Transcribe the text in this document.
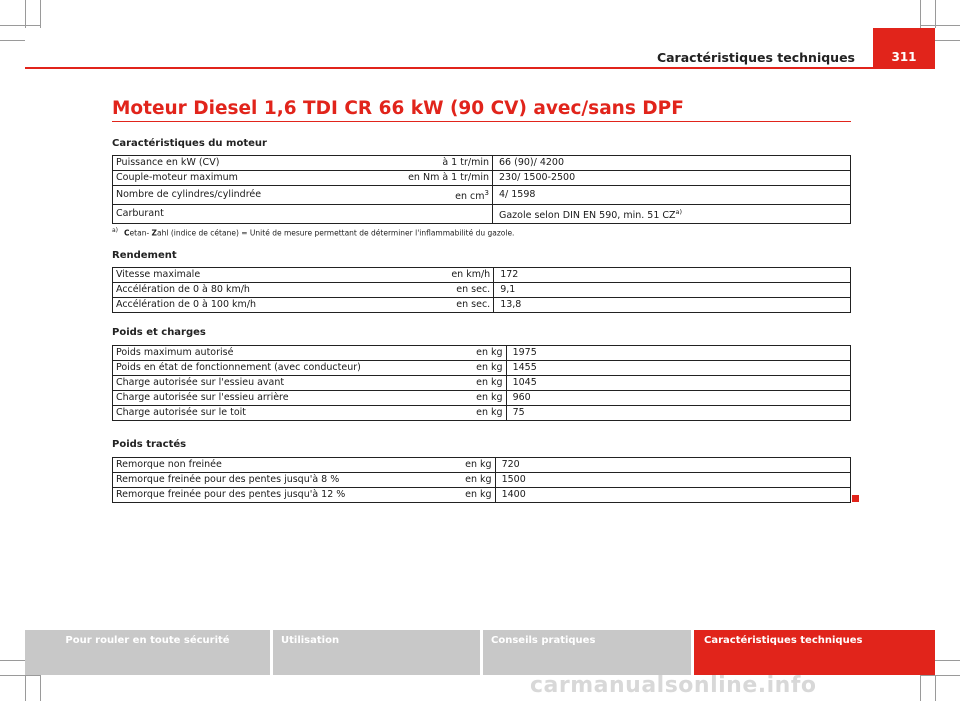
Caractéristiques techniques	311
Moteur Diesel 1,6 TDI CR 66 kW (90 CV) avec/sans DPF
Caractéristiques du moteur
Puissance en kW (CV)	à 1 tr/min	66 (90)/ 4200
Couple-moteur maximum	en Nm à 1 tr/min	230/ 1500-2500
Nombre de cylindres/cylindrée	en $cm^3$	4/ 1598
Carburant		Gazole selon DIN EN 590, min. 51 CZ$^{a)}$
$^{a)}$ Cetan- Zahl (indice de cétane) = Unité de mesure permettant de déterminer l'inflammabilité du gazole.
Rendement
Vitesse maximale	en km/h	172
Accélération de 0 à 80 km/h	en sec.	9,1
Accélération de 0 à 100 km/h	en sec.	13,8
Poids et charges
Poids maximum autorisé	en kg	1975
Poids en état de fonctionnement (avec conducteur)	en kg	1455
Charge autorisée sur l'essieu avant	en kg	1045
Charge autorisée sur l'essieu arrière	en kg	960
Charge autorisée sur le toit	en kg	75
Poids tractés
Remorque non freinée	en kg	720
Remorque freinée pour des pentes jusqu'à 8 %	en kg	1500
Remorque freinée pour des pentes jusqu'à 12 %	en kg	1400
Pour rouler en toute sécurité	Utilisation	Conseils pratiques	Caractéristiques techniques
carmanualsonline.info
